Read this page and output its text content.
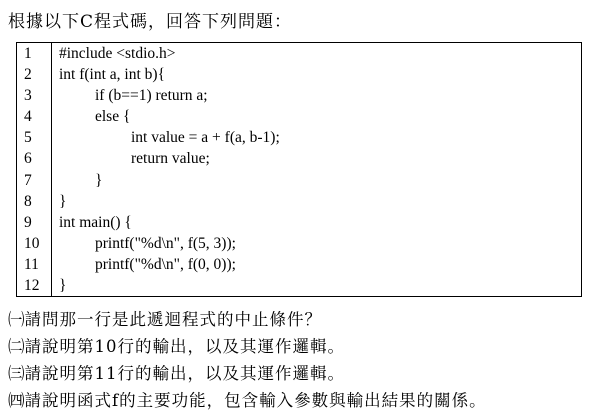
根據以下C程式碼，回答下列問題：
1
2
3
4
5
6
7
8
9
10
11
12
#include <stdio.h>
int f(int a, int b){
if (b==1) return a;
else {
int value = a + f(a, b-1);
return value;
}
}
int main() {
printf("%d\n", f(5, 3));
printf("%d\n", f(0, 0));
}
㈠請問那一行是此遞迴程式的中止條件？
㈡請說明第10行的輸出，以及其運作邏輯。
㈢請說明第11行的輸出，以及其運作邏輯。
㈣請說明函式f的主要功能，包含輸入參數與輸出結果的關係。
